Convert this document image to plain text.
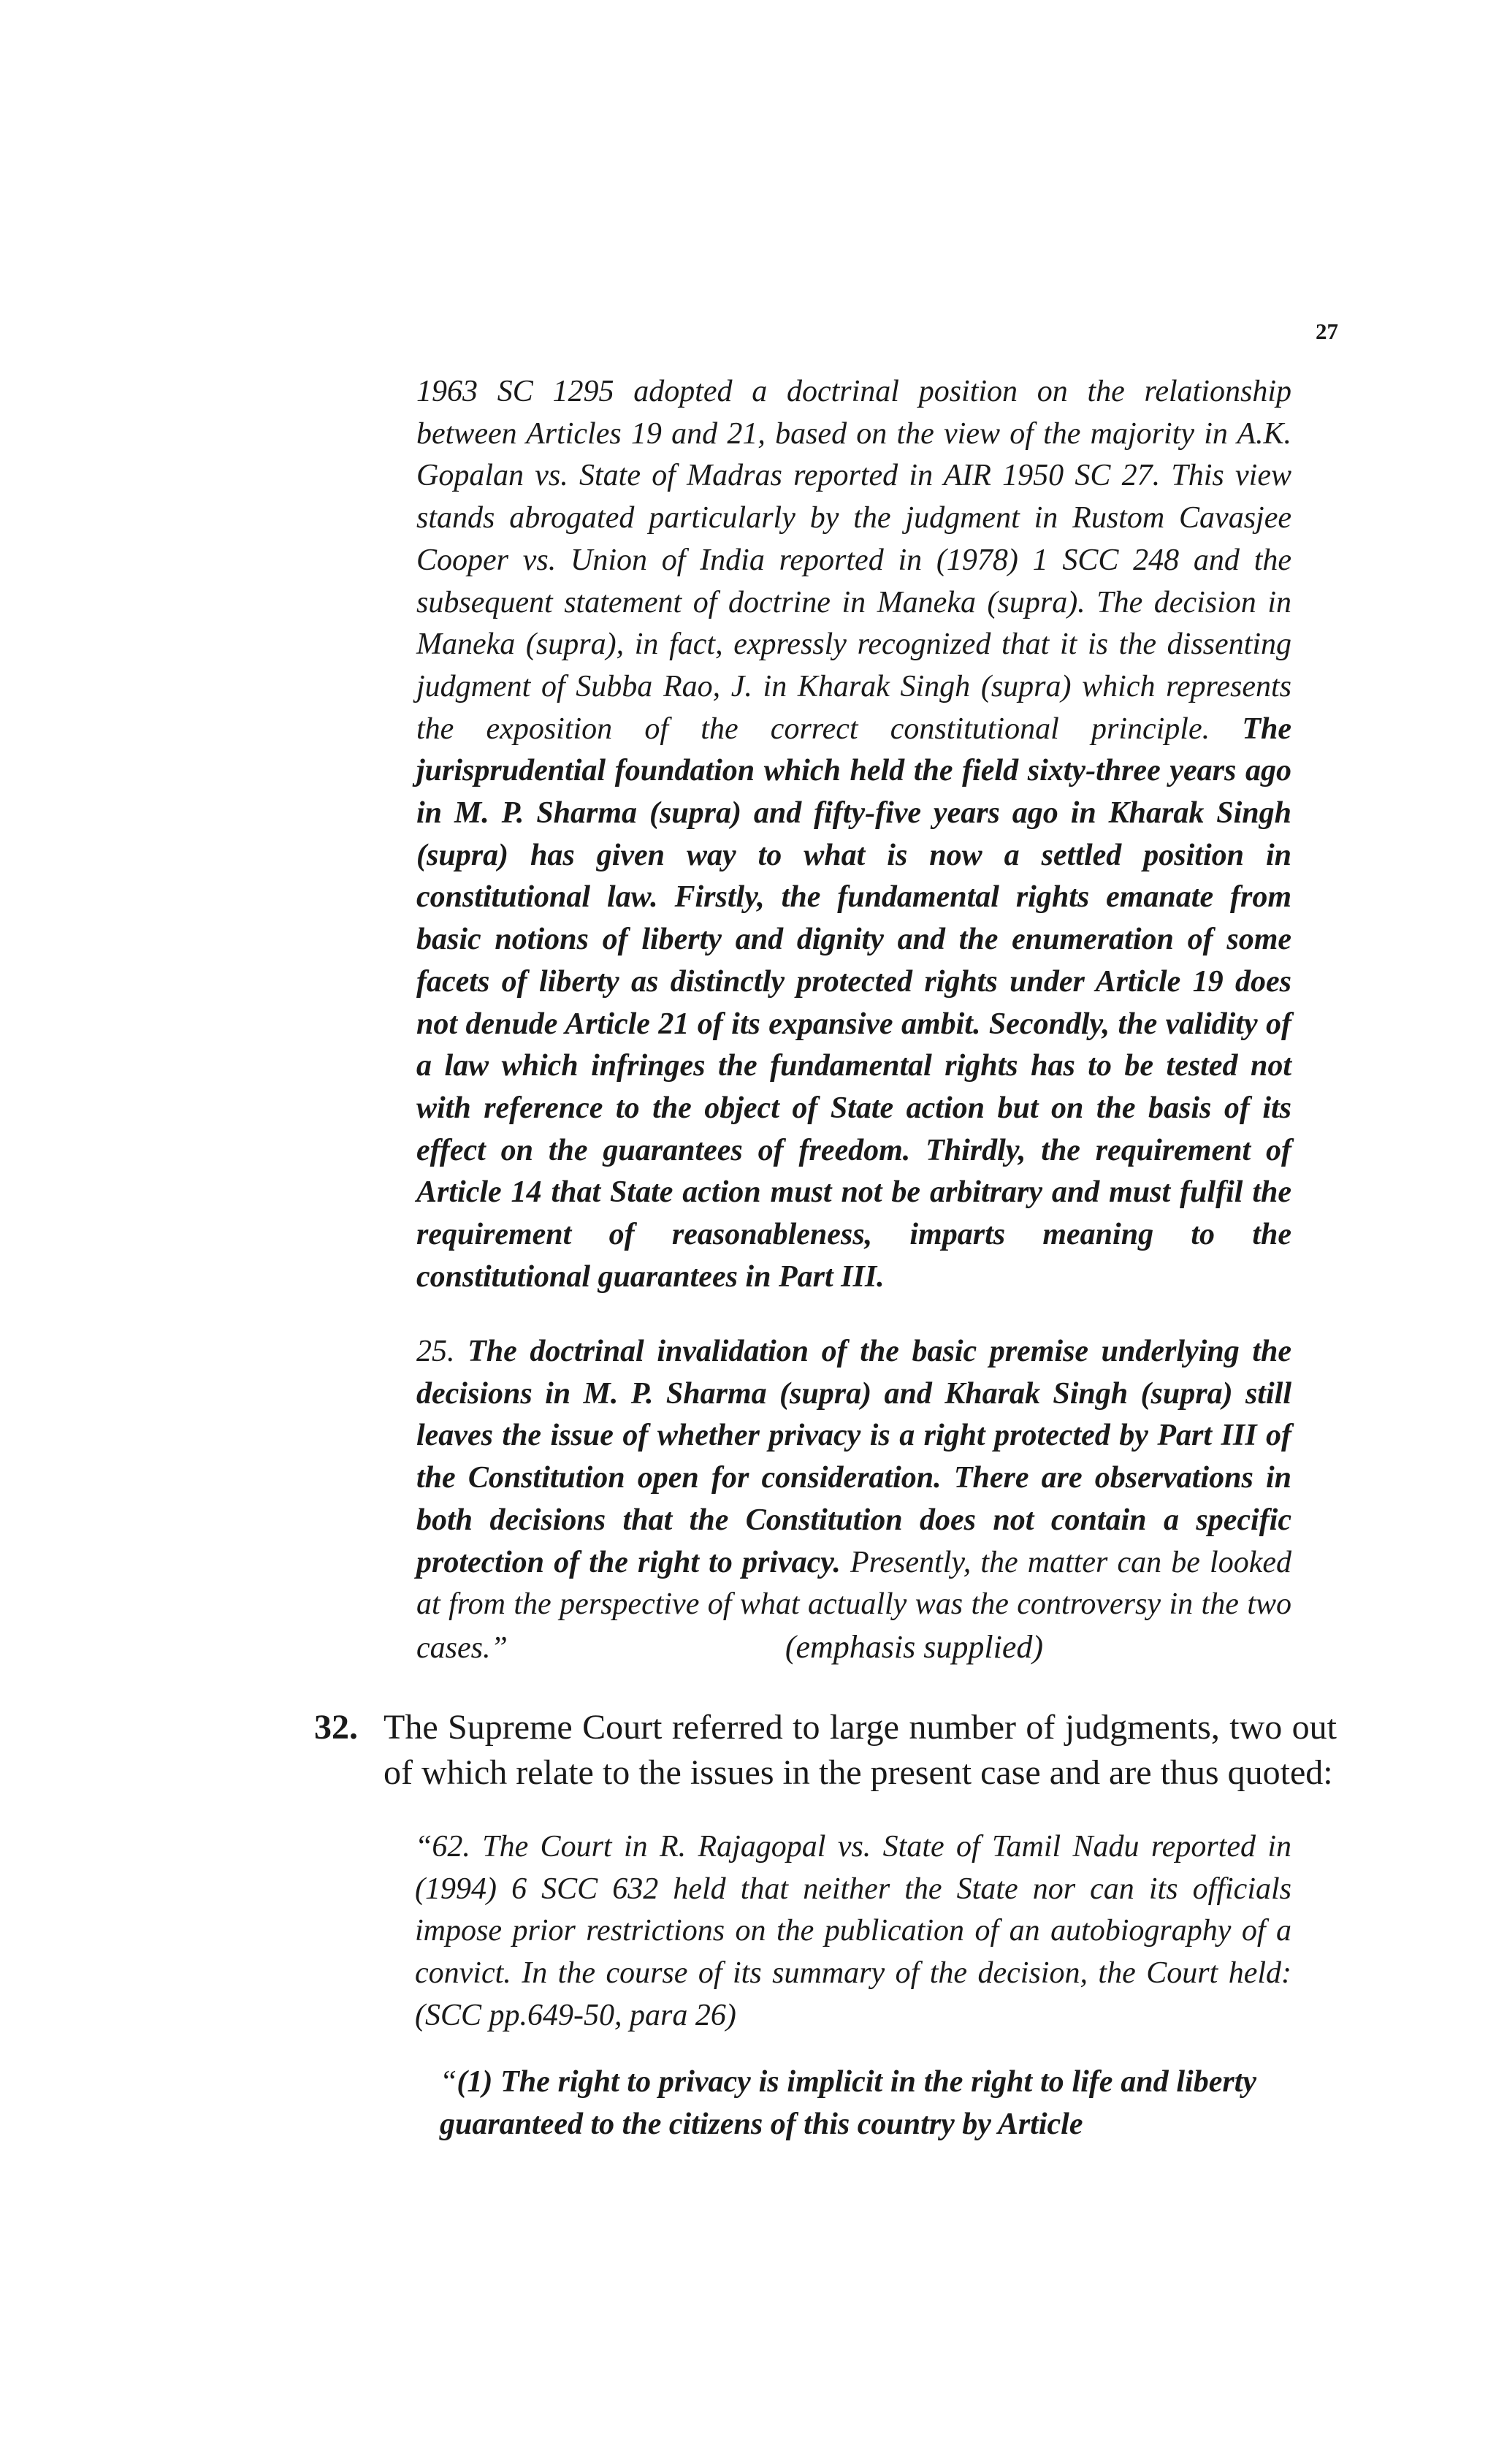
27

1963 SC 1295 adopted a doctrinal position on the relationship between Articles 19 and 21, based on the view of the majority in A.K. Gopalan vs. State of Madras reported in AIR 1950 SC 27. This view stands abrogated particularly by the judgment in Rustom Cavasjee Cooper vs. Union of India reported in (1978) 1 SCC 248 and the subsequent statement of doctrine in Maneka (supra). The decision in Maneka (supra), in fact, expressly recognized that it is the dissenting judgment of Subba Rao, J. in Kharak Singh (supra) which represents the exposition of the correct constitutional principle. The jurisprudential foundation which held the field sixty-three years ago in M. P. Sharma (supra) and fifty-five years ago in Kharak Singh (supra) has given way to what is now a settled position in constitutional law. Firstly, the fundamental rights emanate from basic notions of liberty and dignity and the enumeration of some facets of liberty as distinctly protected rights under Article 19 does not denude Article 21 of its expansive ambit. Secondly, the validity of a law which infringes the fundamental rights has to be tested not with reference to the object of State action but on the basis of its effect on the guarantees of freedom. Thirdly, the requirement of Article 14 that State action must not be arbitrary and must fulfil the requirement of reasonableness, imparts meaning to the constitutional guarantees in Part III.

25. The doctrinal invalidation of the basic premise underlying the decisions in M. P. Sharma (supra) and Kharak Singh (supra) still leaves the issue of whether privacy is a right protected by Part III of the Constitution open for consideration. There are observations in both decisions that the Constitution does not contain a specific protection of the right to privacy. Presently, the matter can be looked at from the perspective of what actually was the controversy in the two cases.”	(emphasis supplied)

32. The Supreme Court referred to large number of judgments, two out of which relate to the issues in the present case and are thus quoted:

“62. The Court in R. Rajagopal vs. State of Tamil Nadu reported in (1994) 6 SCC 632 held that neither the State nor can its officials impose prior restrictions on the publication of an autobiography of a convict. In the course of its summary of the decision, the Court held: (SCC pp.649-50, para 26)

“(1) The right to privacy is implicit in the right to life and liberty guaranteed to the citizens of this country by Article
